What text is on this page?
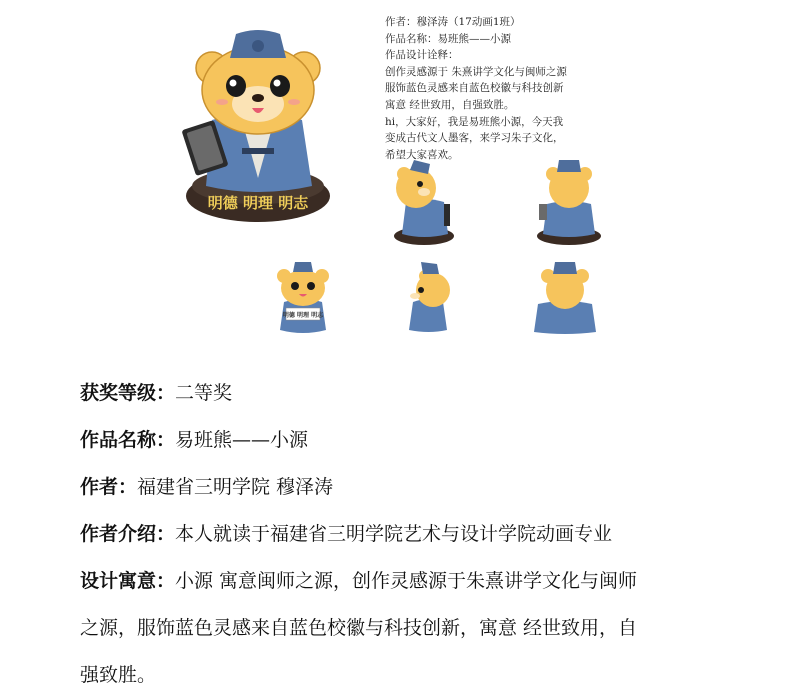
明德 明理 明志
作者：穆泽涛（17动画1班）
作品名称：易班熊——小源
作品设计诠释：
创作灵感源于 朱熹讲学文化与闽师之源
服饰蓝色灵感来自蓝色校徽与科技创新
寓意 经世致用，自强致胜。
hi，大家好，我是易班熊小源，今天我
变成古代文人墨客，来学习朱子文化，
希望大家喜欢。
明德 明理 明志
获奖等级：二等奖
作品名称：易班熊——小源
作者：福建省三明学院 穆泽涛
作者介绍：本人就读于福建省三明学院艺术与设计学院动画专业
设计寓意：小源 寓意闽师之源，创作灵感源于朱熹讲学文化与闽师
之源，服饰蓝色灵感来自蓝色校徽与科技创新，寓意 经世致用，自
强致胜。
